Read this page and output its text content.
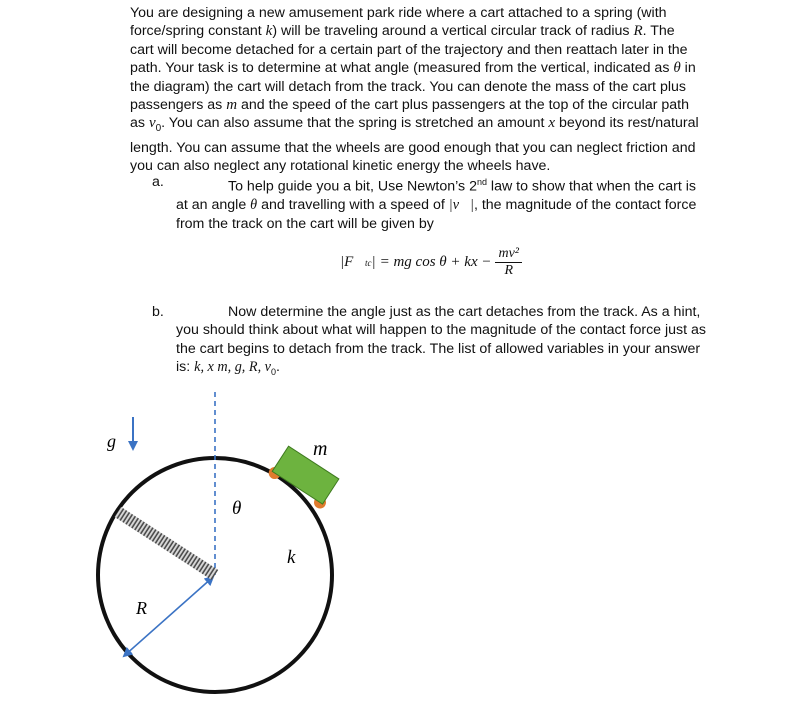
You are designing a new amusement park ride where a cart attached to a spring (with force/spring constant k) will be traveling around a vertical circular track of radius R. The cart will become detached for a certain part of the trajectory and then reattach later in the path. Your task is to determine at what angle (measured from the vertical, indicated as θ in the diagram) the cart will detach from the track. You can denote the mass of the cart plus passengers as m and the speed of the cart plus passengers at the top of the circular path as $v_0$. You can also assume that the spring is stretched an amount x beyond its rest/natural length. You can assume that the wheels are good enough that you can neglect friction and you can also neglect any rotational kinetic energy the wheels have.
a.	To help guide you a bit, Use Newton’s 2nd law to show that when the cart is at an angle θ and travelling with a speed of |v⃗|, the magnitude of the contact force from the track on the cart will be given by
|F⃗ tc | = mg cos θ + kx − $\frac{\text{mv²}}{R}$
b.	Now determine the angle just as the cart detaches from the track. As a hint, you should think about what will happen to the magnitude of the contact force just as the cart begins to detach from the track. The list of allowed variables in your answer is: k, x m, g, R, $v_0$.
g⃗	m
θ
k
R
